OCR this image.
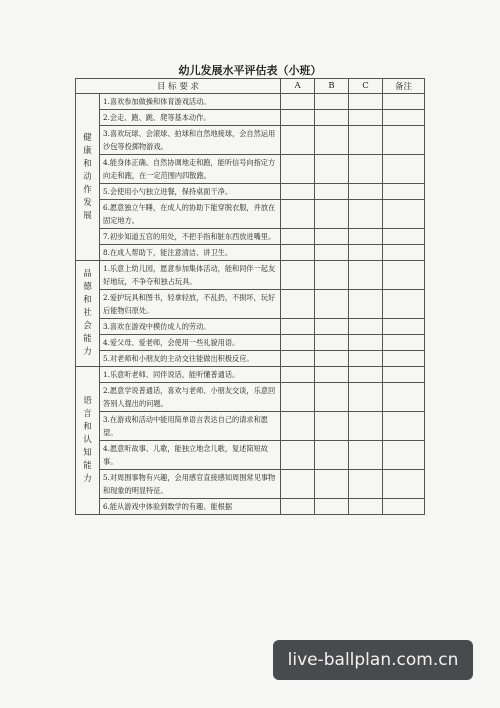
幼儿发展水平评估表（小班）
目 标 要 求		A	B	C	备注
健康和动作发展	1.喜欢参加做操和体育游戏活动。				
	2.会走、跑、跳、爬等基本动作。				
	3.喜欢玩球、会滚球、拍球和自然地接球，会自然运用沙包等投掷物游戏。				
	4.能身体正确、自然协调地走和跑，能听信号向指定方向走和跑，在一定范围内四散跑。				
	5.会使用小勺独立进餐，保持桌面干净。				
	6.愿意独立午睡，在成人的协助下能穿脱衣服，并放在固定地方。				
	7.初步知道五官的用处，不把手指和脏东西放进嘴里。				
	8.在成人帮助下，能注意清洁、讲卫生。				
品德和社会能力	1.乐意上幼儿园，愿意参加集体活动，能和同伴一起友好地玩，不争夺和独占玩具。				
	2.爱护玩具和图书，轻拿轻放，不乱扔，不损坏，玩好后能物归原处。				
	3.喜欢在游戏中模仿成人的劳动。				
	4.爱父母、爱老师，会使用一些礼貌用语。				
	5.对老师和小朋友的主动交往能做出积极反应。				
语言和认知能力	1.乐意听老师、同伴说话，能听懂普通话。				
	2.愿意学说普通话，喜欢与老师、小朋友交谈，乐意回答别人提出的问题。				
	3.在游戏和活动中能用简单语言表达自己的请求和愿望。				
	4.愿意听故事、儿歌，能独立地念儿歌，复述简短故事。				
	5.对周围事物有兴趣，会用感官直接感知周围常见事物和现象的明显特征。				
	6.能从游戏中体验到数学的有趣、能根据				
live-ballplan.com.cn
